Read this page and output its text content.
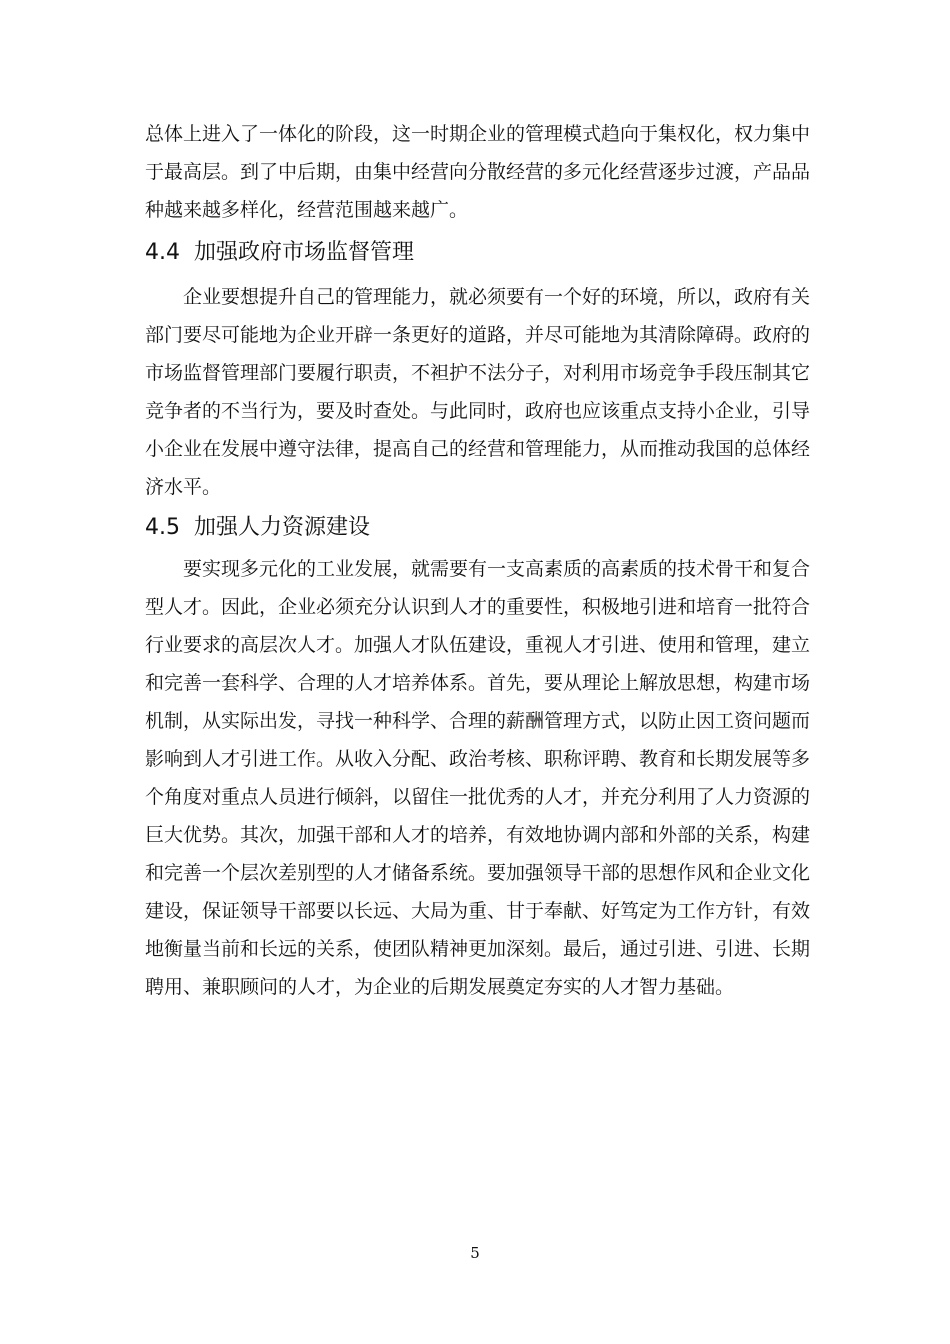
总体上进入了一体化的阶段，这一时期企业的管理模式趋向于集权化，权力集中
于最高层。到了中后期，由集中经营向分散经营的多元化经营逐步过渡，产品品
种越来越多样化，经营范围越来越广。
4.4 加强政府市场监督管理
企业要想提升自己的管理能力，就必须要有一个好的环境，所以，政府有关
部门要尽可能地为企业开辟一条更好的道路，并尽可能地为其清除障碍。政府的
市场监督管理部门要履行职责，不袒护不法分子，对利用市场竞争手段压制其它
竞争者的不当行为，要及时查处。与此同时，政府也应该重点支持小企业，引导
小企业在发展中遵守法律，提高自己的经营和管理能力，从而推动我国的总体经
济水平。
4.5 加强人力资源建设
要实现多元化的工业发展，就需要有一支高素质的高素质的技术骨干和复合
型人才。因此，企业必须充分认识到人才的重要性，积极地引进和培育一批符合
行业要求的高层次人才。加强人才队伍建设，重视人才引进、使用和管理，建立
和完善一套科学、合理的人才培养体系。首先，要从理论上解放思想，构建市场
机制，从实际出发，寻找一种科学、合理的薪酬管理方式，以防止因工资问题而
影响到人才引进工作。从收入分配、政治考核、职称评聘、教育和长期发展等多
个角度对重点人员进行倾斜，以留住一批优秀的人才，并充分利用了人力资源的
巨大优势。其次，加强干部和人才的培养，有效地协调内部和外部的关系，构建
和完善一个层次差别型的人才储备系统。要加强领导干部的思想作风和企业文化
建设，保证领导干部要以长远、大局为重、甘于奉献、好笃定为工作方针，有效
地衡量当前和长远的关系，使团队精神更加深刻。最后，通过引进、引进、长期
聘用、兼职顾问的人才，为企业的后期发展奠定夯实的人才智力基础。
5
